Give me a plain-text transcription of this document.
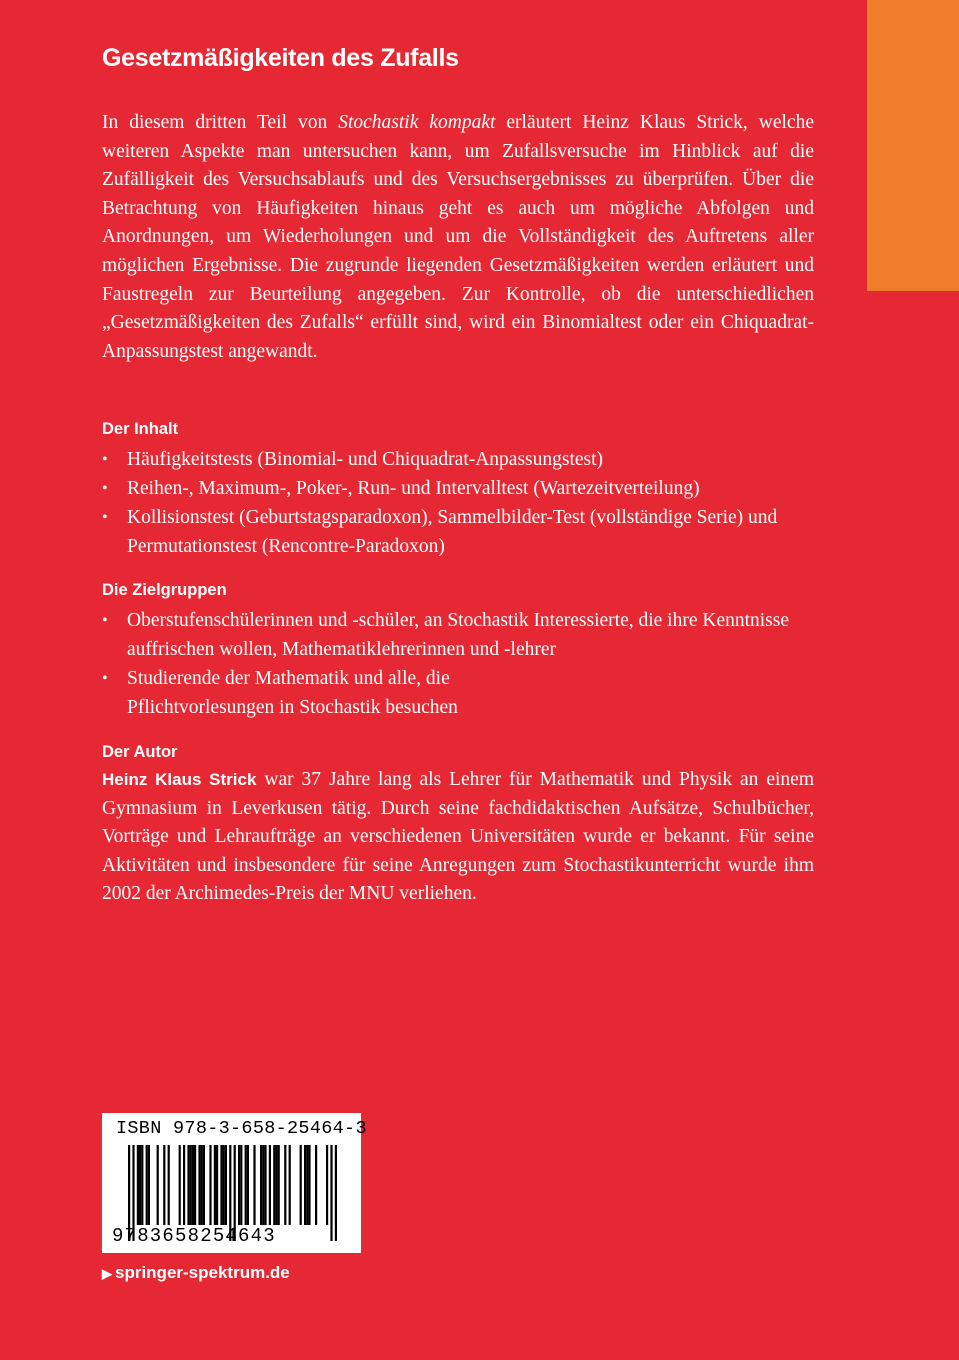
Gesetzmäßigkeiten des Zufalls

In diesem dritten Teil von Stochastik kompakt erläutert Heinz Klaus Strick, welche weiteren Aspekte man untersuchen kann, um Zufallsversuche im Hinblick auf die Zufälligkeit des Versuchsablaufs und des Versuchsergebnisses zu überprüfen. Über die Betrachtung von Häufigkeiten hinaus geht es auch um mögliche Abfolgen und Anordnungen, um Wiederholungen und um die Vollständigkeit des Auftretens aller möglichen Ergebnisse. Die zugrunde liegenden Gesetzmäßigkeiten werden erläutert und Faustregeln zur Beurteilung angegeben. Zur Kontrolle, ob die unterschiedlichen „Gesetzmäßigkeiten des Zufalls“ erfüllt sind, wird ein Binomialtest oder ein Chiquadrat-Anpassungstest angewandt.

Der Inhalt
• Häufigkeitstests (Binomial- und Chiquadrat-Anpassungstest)
• Reihen-, Maximum-, Poker-, Run- und Intervalltest (Wartezeitverteilung)
• Kollisionstest (Geburtstagsparadoxon), Sammelbilder-Test (vollständige Serie) und Permutationstest (Rencontre-Paradoxon)
Die Zielgruppen
• Oberstufenschülerinnen und -schüler, an Stochastik Interessierte, die ihre Kenntnisse auffrischen wollen, Mathematiklehrerinnen und -lehrer
• Studierende der Mathematik und alle, die Pflichtvorlesungen in Stochastik besuchen
Der Autor

Heinz Klaus Strick war 37 Jahre lang als Lehrer für Mathematik und Physik an einem Gymnasium in Leverkusen tätig. Durch seine fachdidaktischen Aufsätze, Schulbücher, Vorträge und Lehraufträge an verschiedenen Universitäten wurde er bekannt. Für seine Aktivitäten und insbesondere für seine Anregungen zum Stochastikunterricht wurde ihm 2002 der Archimedes-Preis der MNU verliehen.

ISBN 978-3-658-25464-3
9783658254643
▶ springer-spektrum.de
